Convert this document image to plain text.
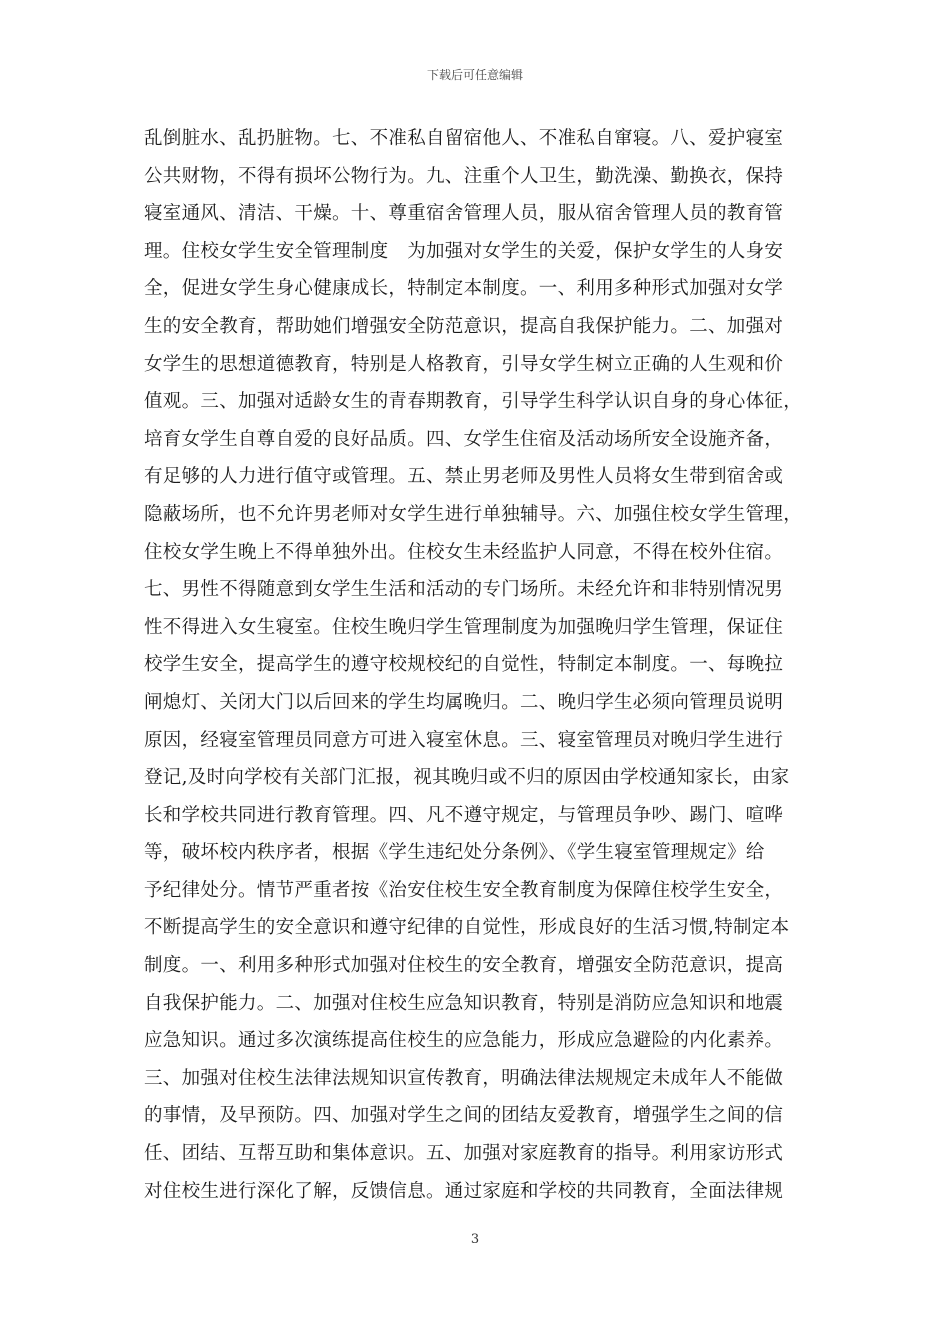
下载后可任意编辑
乱倒脏水、乱扔脏物。七、不准私自留宿他人、不准私自窜寝。八、爱护寝室
公共财物，不得有损坏公物行为。九、注重个人卫生，勤洗澡、勤换衣，保持
寝室通风、清洁、干燥。十、尊重宿舍管理人员，服从宿舍管理人员的教育管
理。住校女学生安全管理制度　为加强对女学生的关爱，保护女学生的人身安
全，促进女学生身心健康成长，特制定本制度。一、利用多种形式加强对女学
生的安全教育，帮助她们增强安全防范意识，提高自我保护能力。二、加强对
女学生的思想道德教育，特别是人格教育，引导女学生树立正确的人生观和价
值观。三、加强对适龄女生的青春期教育，引导学生科学认识自身的身心体征，
培育女学生自尊自爱的良好品质。四、女学生住宿及活动场所安全设施齐备，
有足够的人力进行值守或管理。五、禁止男老师及男性人员将女生带到宿舍或
隐蔽场所，也不允许男老师对女学生进行单独辅导。六、加强住校女学生管理，
住校女学生晚上不得单独外出。住校女生未经监护人同意，不得在校外住宿。
七、男性不得随意到女学生生活和活动的专门场所。未经允许和非特别情况男
性不得进入女生寝室。住校生晚归学生管理制度为加强晚归学生管理，保证住
校学生安全，提高学生的遵守校规校纪的自觉性，特制定本制度。一、每晚拉
闸熄灯、关闭大门以后回来的学生均属晚归。二、晚归学生必须向管理员说明
原因，经寝室管理员同意方可进入寝室休息。三、寝室管理员对晚归学生进行
登记,及时向学校有关部门汇报，视其晚归或不归的原因由学校通知家长，由家
长和学校共同进行教育管理。四、凡不遵守规定，与管理员争吵、踢门、喧哗
等，破坏校内秩序者，根据《学生违纪处分条例》、《学生寝室管理规定》给
予纪律处分。情节严重者按《治安住校生安全教育制度为保障住校学生安全，
不断提高学生的安全意识和遵守纪律的自觉性，形成良好的生活习惯,特制定本
制度。一、利用多种形式加强对住校生的安全教育，增强安全防范意识，提高
自我保护能力。二、加强对住校生应急知识教育，特别是消防应急知识和地震
应急知识。通过多次演练提高住校生的应急能力，形成应急避险的内化素养。
三、加强对住校生法律法规知识宣传教育，明确法律法规规定未成年人不能做
的事情，及早预防。四、加强对学生之间的团结友爱教育，增强学生之间的信
任、团结、互帮互助和集体意识。五、加强对家庭教育的指导。利用家访形式
对住校生进行深化了解，反馈信息。通过家庭和学校的共同教育，全面法律规
3
